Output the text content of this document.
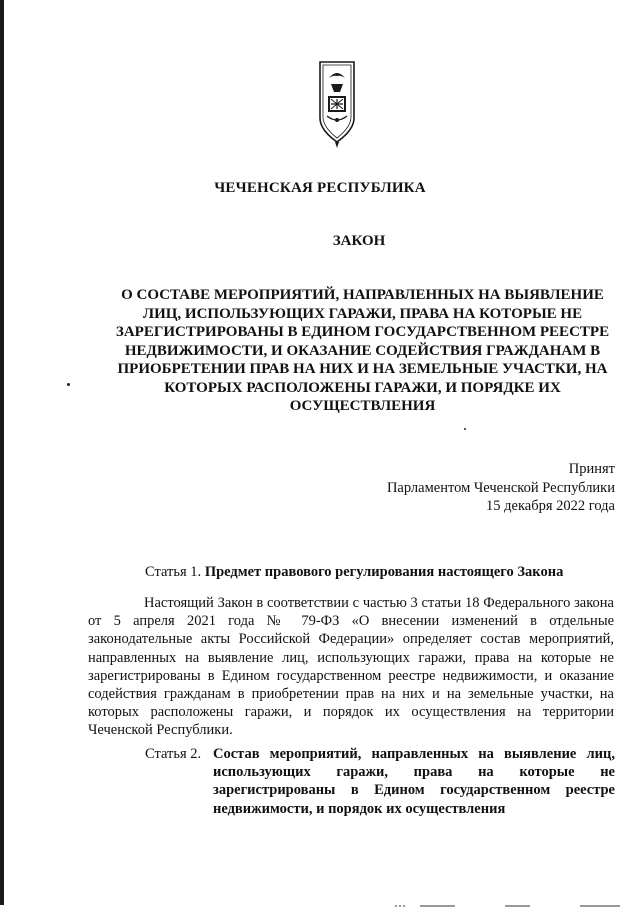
ЧЕЧЕНСКАЯ РЕСПУБЛИКА
ЗАКОН
О СОСТАВЕ МЕРОПРИЯТИЙ, НАПРАВЛЕННЫХ НА ВЫЯВЛЕНИЕ ЛИЦ, ИСПОЛЬЗУЮЩИХ ГАРАЖИ, ПРАВА НА КОТОРЫЕ НЕ ЗАРЕГИСТРИРОВАНЫ В ЕДИНОМ ГОСУДАРСТВЕННОМ РЕЕСТРЕ НЕДВИЖИМОСТИ, И ОКАЗАНИЕ СОДЕЙСТВИЯ ГРАЖДАНАМ В ПРИОБРЕТЕНИИ ПРАВ НА НИХ И НА ЗЕМЕЛЬНЫЕ УЧАСТКИ, НА КОТОРЫХ РАСПОЛОЖЕНЫ ГАРАЖИ, И ПОРЯДКЕ ИХ ОСУЩЕСТВЛЕНИЯ
Принят
Парламентом Чеченской Республики
15 декабря 2022 года
Статья 1. Предмет правового регулирования настоящего Закона

Настоящий Закон в соответствии с частью 3 статьи 18 Федерального закона от 5 апреля 2021 года № 79-ФЗ «О внесении изменений в отдельные законодательные акты Российской Федерации» определяет состав мероприятий, направленных на выявление лиц, использующих гаражи, права на которые не зарегистрированы в Едином государственном реестре недвижимости, и оказание содействия гражданам в приобретении прав на них и на земельные участки, на которых расположены гаражи, и порядок их осуществления на территории Чеченской Республики.

Статья 2. Состав мероприятий, направленных на выявление лиц, использующих гаражи, права на которые не зарегистрированы в Едином государственном реестре недвижимости, и порядок их осуществления
